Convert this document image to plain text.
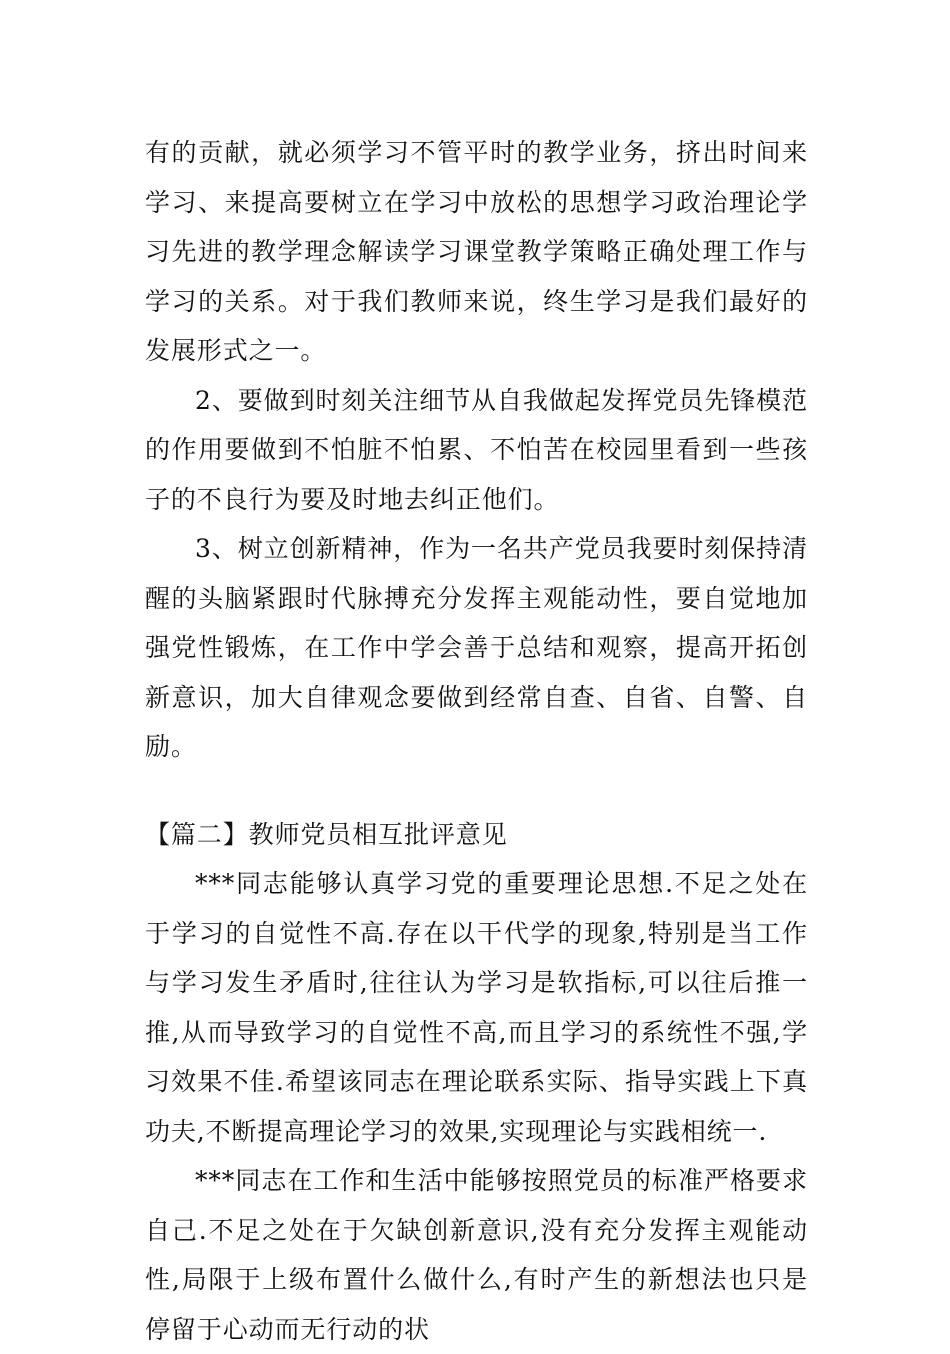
有的贡献，就必须学习不管平时的教学业务，挤出时间来学习、来提高要树立在学习中放松的思想学习政治理论学习先进的教学理念解读学习课堂教学策略正确处理工作与学习的关系。对于我们教师来说，终生学习是我们最好的发展形式之一。

2、要做到时刻关注细节从自我做起发挥党员先锋模范的作用要做到不怕脏不怕累、不怕苦在校园里看到一些孩子的不良行为要及时地去纠正他们。

3、树立创新精神，作为一名共产党员我要时刻保持清醒的头脑紧跟时代脉搏充分发挥主观能动性，要自觉地加强党性锻炼，在工作中学会善于总结和观察，提高开拓创新意识，加大自律观念要做到经常自查、自省、自警、自励。

【篇二】教师党员相互批评意见

***同志能够认真学习党的重要理论思想.不足之处在于学习的自觉性不高.存在以干代学的现象,特别是当工作与学习发生矛盾时,往往认为学习是软指标,可以往后推一推,从而导致学习的自觉性不高,而且学习的系统性不强,学习效果不佳.希望该同志在理论联系实际、指导实践上下真功夫,不断提高理论学习的效果,实现理论与实践相统一.

***同志在工作和生活中能够按照党员的标准严格要求自己.不足之处在于欠缺创新意识,没有充分发挥主观能动性,局限于上级布置什么做什么,有时产生的新想法也只是停留于心动而无行动的状
